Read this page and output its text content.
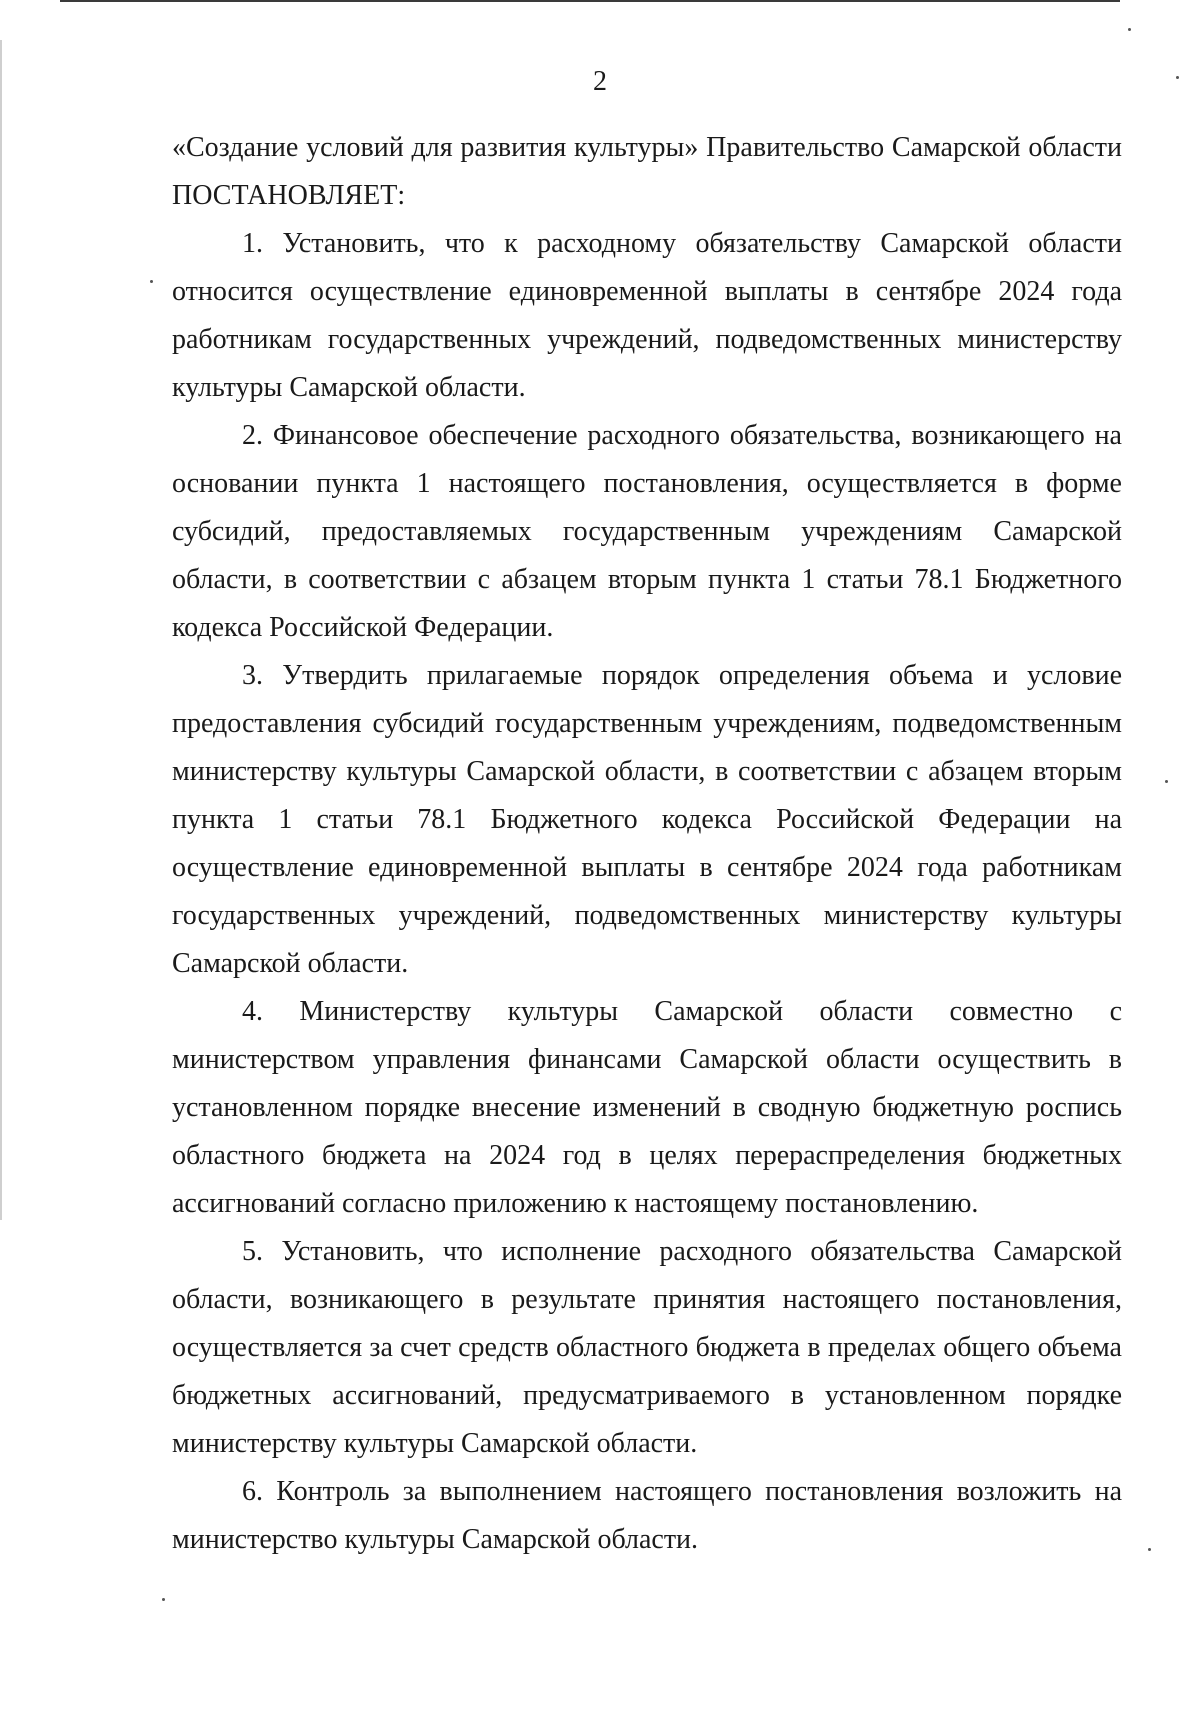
2

«Создание условий для развития культуры» Правительство Самарской области ПОСТАНОВЛЯЕТ:

1. Установить, что к расходному обязательству Самарской области относится осуществление единовременной выплаты в сентябре 2024 года работникам государственных учреждений, подведомственных министерству культуры Самарской области.

2. Финансовое обеспечение расходного обязательства, возникающего на основании пункта 1 настоящего постановления, осуществляется в форме субсидий, предоставляемых государственным учреждениям Самарской области, в соответствии с абзацем вторым пункта 1 статьи 78.1 Бюджетного кодекса Российской Федерации.

3. Утвердить прилагаемые порядок определения объема и условие предоставления субсидий государственным учреждениям, подведомственным министерству культуры Самарской области, в соответствии с абзацем вторым пункта 1 статьи 78.1 Бюджетного кодекса Российской Федерации на осуществление единовременной выплаты в сентябре 2024 года работникам государственных учреждений, подведомственных министерству культуры Самарской области.

4. Министерству культуры Самарской области совместно с министерством управления финансами Самарской области осуществить в установленном порядке внесение изменений в сводную бюджетную роспись областного бюджета на 2024 год в целях перераспределения бюджетных ассигнований согласно приложению к настоящему постановлению.

5. Установить, что исполнение расходного обязательства Самарской области, возникающего в результате принятия настоящего постановления, осуществляется за счет средств областного бюджета в пределах общего объема бюджетных ассигнований, предусматриваемого в установленном порядке министерству культуры Самарской области.

6. Контроль за выполнением настоящего постановления возложить на министерство культуры Самарской области.
